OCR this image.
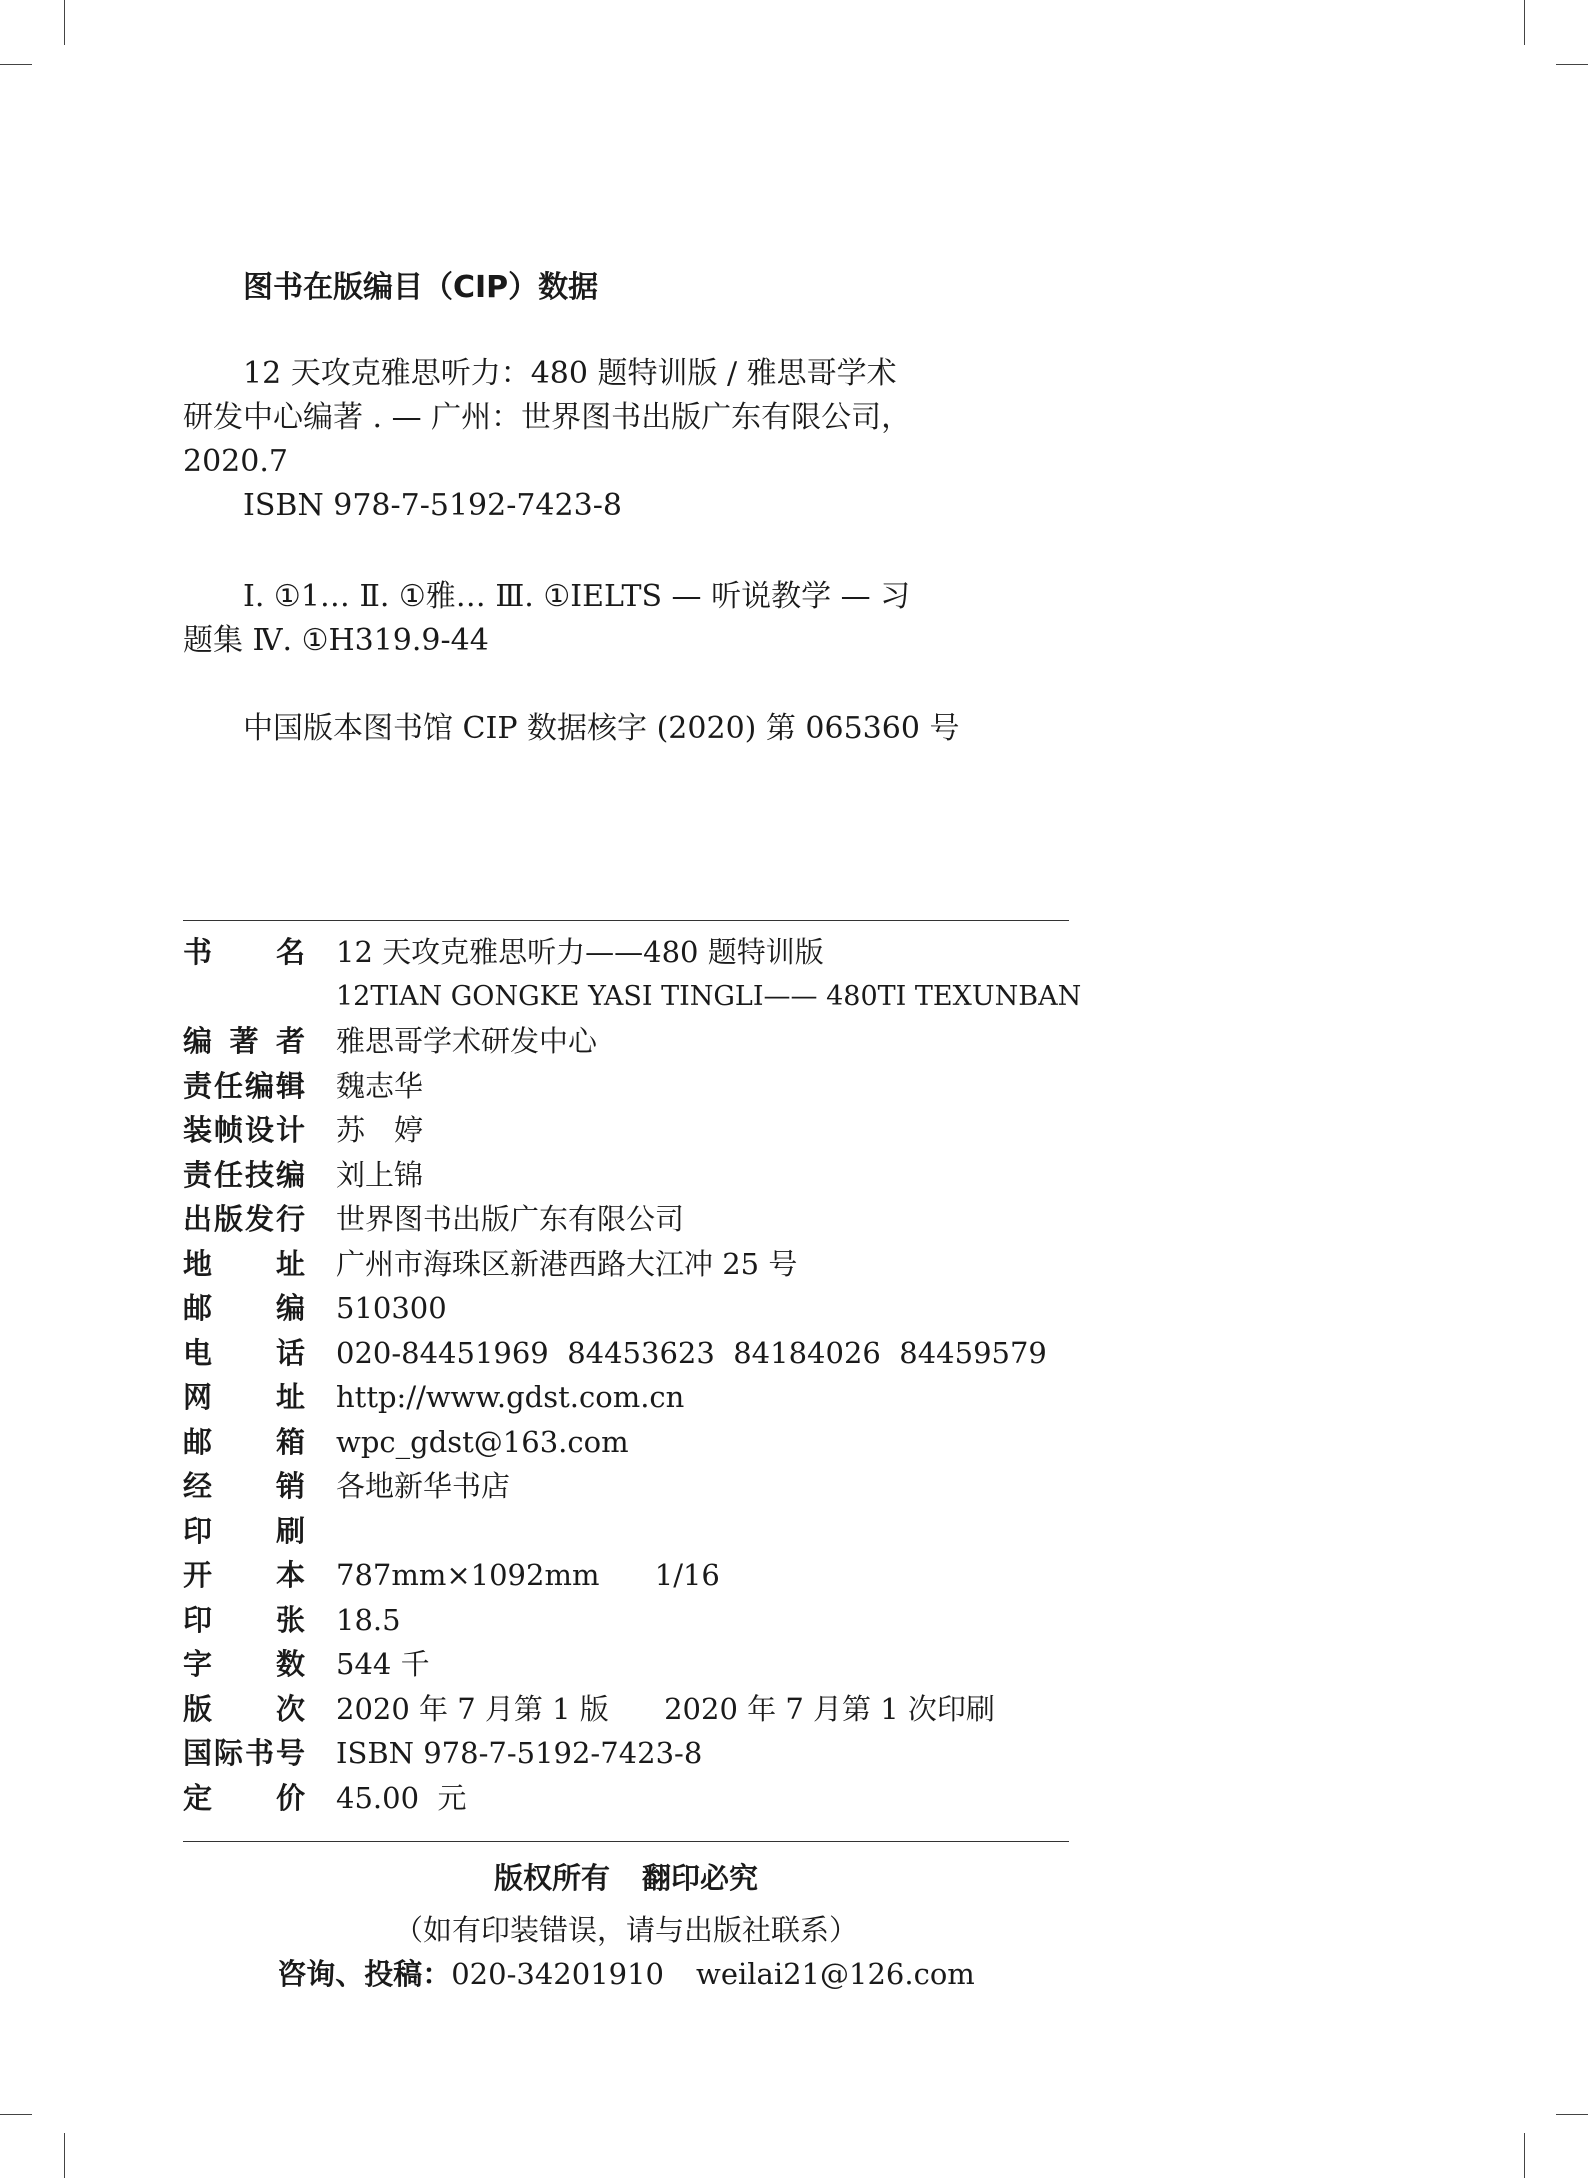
图书在版编目（CIP）数据
12 天攻克雅思听力：480 题特训版 / 雅思哥学术
研发中心编著 . — 广州：世界图书出版广东有限公司，
2020.7
ISBN 978-7-5192-7423-8
Ⅰ. ①1… Ⅱ. ①雅… Ⅲ. ①IELTS — 听说教学 — 习
题集 Ⅳ. ①H319.9-44
中国版本图书馆 CIP 数据核字 (2020) 第 065360 号
书 名 12 天攻克雅思听力——480 题特训版
12TIAN GONGKE YASI TINGLI—— 480TI TEXUNBAN
编 著 者 雅思哥学术研发中心
责 任 编 辑 魏志华
装 帧 设 计 苏　婷
责 任 技 编 刘上锦
出 版 发 行 世界图书出版广东有限公司
地 址 广州市海珠区新港西路大江冲 25 号
邮 编 510300
电 话 020-84451969  84453623  84184026  84459579
网 址 http://www.gdst.com.cn
邮 箱 wpc_gdst@163.com
经 销 各地新华书店
印 刷
开 本 787mm×1092mm      1/16
印 张 18.5
字 数 544 千
版 次 2020 年 7 月第 1 版      2020 年 7 月第 1 次印刷
国 际 书 号 ISBN 978-7-5192-7423-8
定 价 45.00  元
版权所有 翻印必究
（如有印装错误，请与出版社联系）
咨询、投稿：020-34201910 weilai21@126.com
